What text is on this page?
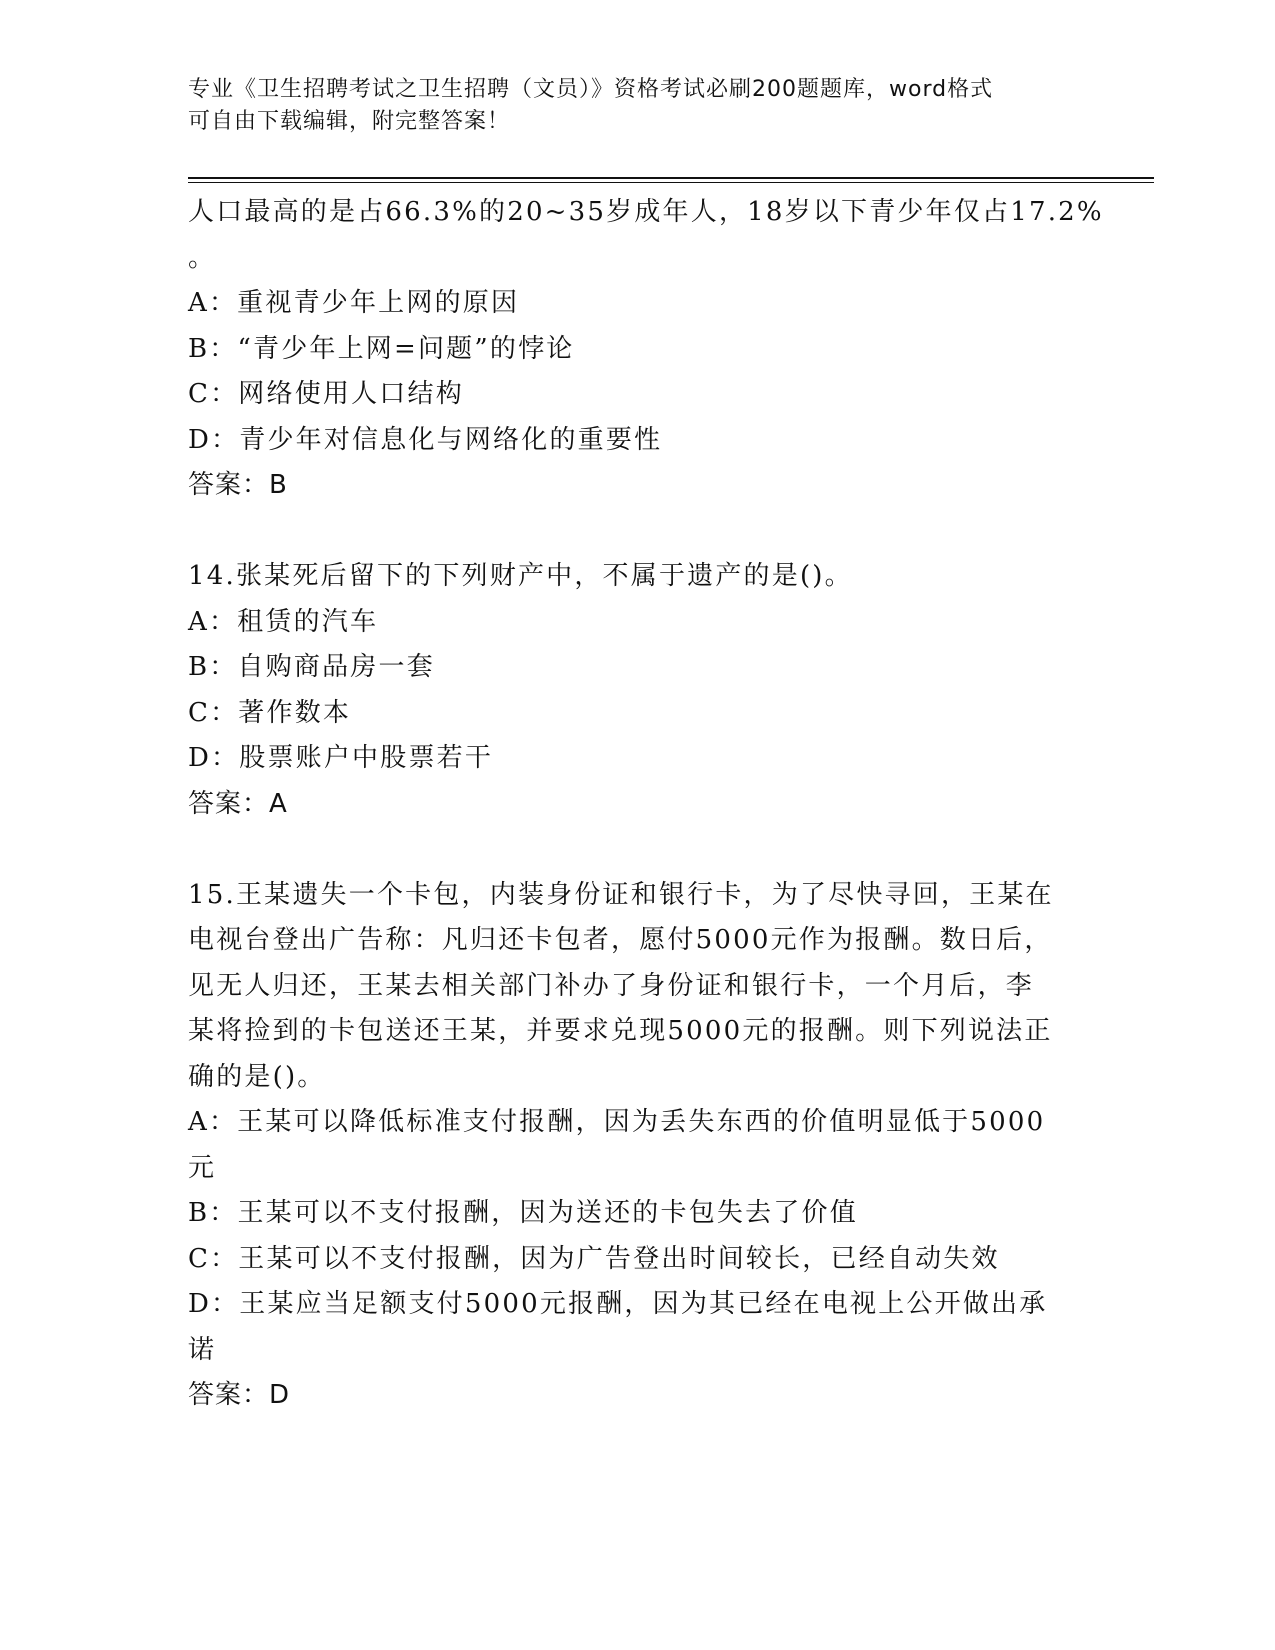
专业《卫生招聘考试之卫生招聘（文员）》资格考试必刷200题题库，word格式
可自由下载编辑，附完整答案！
人口最高的是占66.3%的20~35岁成年人，18岁以下青少年仅占17.2%
。
A：重视青少年上网的原因
B：“青少年上网=问题”的悖论
C：网络使用人口结构
D：青少年对信息化与网络化的重要性
答案：B
14.张某死后留下的下列财产中，不属于遗产的是()。
A：租赁的汽车
B：自购商品房一套
C：著作数本
D：股票账户中股票若干
答案：A
15.王某遗失一个卡包，内装身份证和银行卡，为了尽快寻回，王某在
电视台登出广告称：凡归还卡包者，愿付5000元作为报酬。数日后，
见无人归还，王某去相关部门补办了身份证和银行卡，一个月后，李
某将捡到的卡包送还王某，并要求兑现5000元的报酬。则下列说法正
确的是()。
A：王某可以降低标准支付报酬，因为丢失东西的价值明显低于5000
元
B：王某可以不支付报酬，因为送还的卡包失去了价值
C：王某可以不支付报酬，因为广告登出时间较长，已经自动失效
D：王某应当足额支付5000元报酬，因为其已经在电视上公开做出承
诺
答案：D
